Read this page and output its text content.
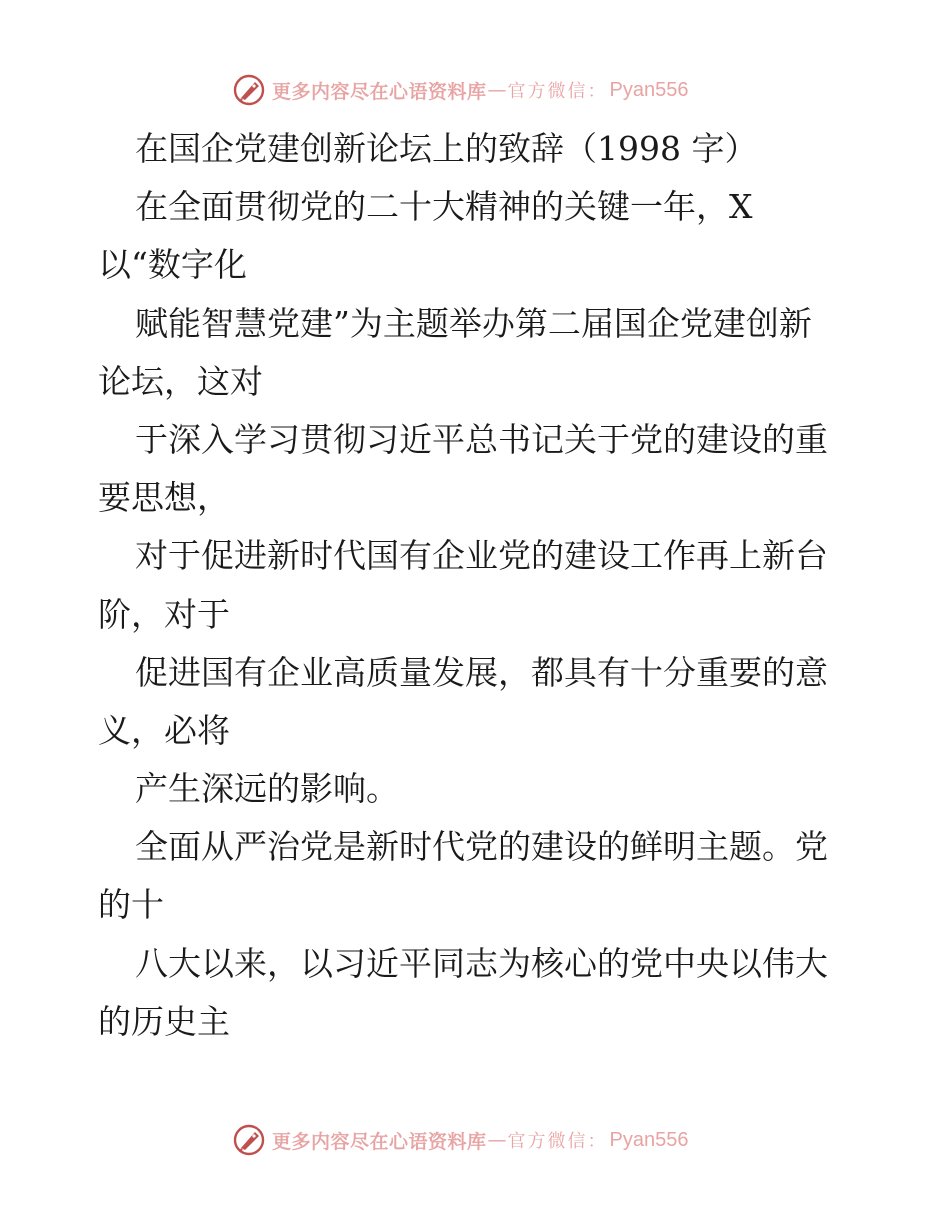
更多内容尽在心语资料库 — 官方微信： Pyan556
在国企党建创新论坛上的致辞（1998 字）
在全面贯彻党的二十大精神的关键一年，X
以“数字化
赋能智慧党建”为主题举办第二届国企党建创新
论坛，这对
于深入学习贯彻习近平总书记关于党的建设的重
要思想，
对于促进新时代国有企业党的建设工作再上新台
阶，对于
促进国有企业高质量发展，都具有十分重要的意
义，必将
产生深远的影响。
全面从严治党是新时代党的建设的鲜明主题。党
的十
八大以来，以习近平同志为核心的党中央以伟大
的历史主
更多内容尽在心语资料库 — 官方微信： Pyan556
